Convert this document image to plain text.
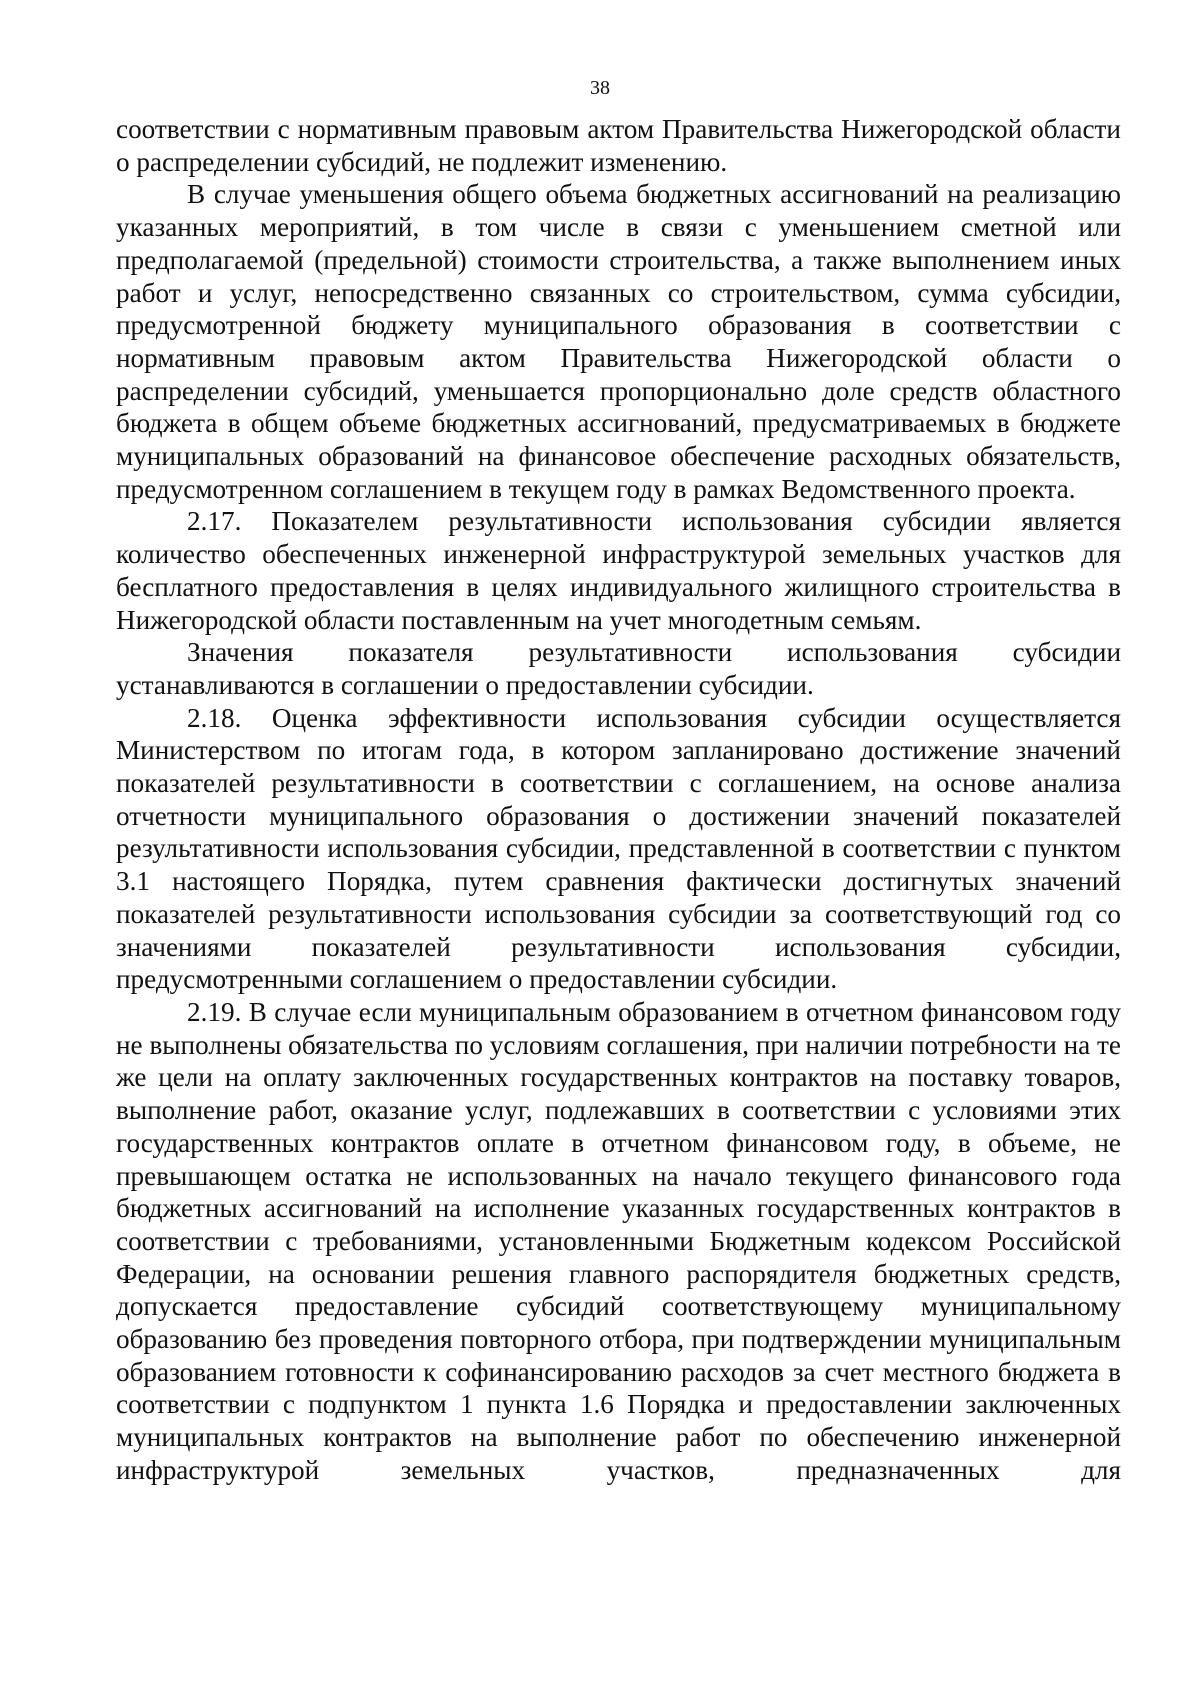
38

соответствии с нормативным правовым актом Правительства Нижегородской области о распределении субсидий, не подлежит изменению.

В случае уменьшения общего объема бюджетных ассигнований на реализацию указанных мероприятий, в том числе в связи с уменьшением сметной или предполагаемой (предельной) стоимости строительства, а также выполнением иных работ и услуг, непосредственно связанных со строительством, сумма субсидии, предусмотренной бюджету муниципального образования в соответствии с нормативным правовым актом Правительства Нижегородской области о распределении субсидий, уменьшается пропорционально доле средств областного бюджета в общем объеме бюджетных ассигнований, предусматриваемых в бюджете муниципальных образований на финансовое обеспечение расходных обязательств, предусмотренном соглашением в текущем году в рамках Ведомственного проекта.

2.17. Показателем результативности использования субсидии является количество обеспеченных инженерной инфраструктурой земельных участков для бесплатного предоставления в целях индивидуального жилищного строительства в Нижегородской области поставленным на учет многодетным семьям.

Значения показателя результативности использования субсидии устанавливаются в соглашении о предоставлении субсидии.

2.18. Оценка эффективности использования субсидии осуществляется Министерством по итогам года, в котором запланировано достижение значений показателей результативности в соответствии с соглашением, на основе анализа отчетности муниципального образования о достижении значений показателей результативности использования субсидии, представленной в соответствии с пунктом 3.1 настоящего Порядка, путем сравнения фактически достигнутых значений показателей результативности использования субсидии за соответствующий год со значениями показателей результативности использования субсидии, предусмотренными соглашением о предоставлении субсидии.

2.19. В случае если муниципальным образованием в отчетном финансовом году не выполнены обязательства по условиям соглашения, при наличии потребности на те же цели на оплату заключенных государственных контрактов на поставку товаров, выполнение работ, оказание услуг, подлежавших в соответствии с условиями этих государственных контрактов оплате в отчетном финансовом году, в объеме, не превышающем остатка не использованных на начало текущего финансового года бюджетных ассигнований на исполнение указанных государственных контрактов в соответствии с требованиями, установленными Бюджетным кодексом Российской Федерации, на основании решения главного распорядителя бюджетных средств, допускается предоставление субсидий соответствующему муниципальному образованию без проведения повторного отбора, при подтверждении муниципальным образованием готовности к софинансированию расходов за счет местного бюджета в соответствии с подпунктом 1 пункта 1.6 Порядка и предоставлении заключенных муниципальных контрактов на выполнение работ по обеспечению инженерной инфраструктурой земельных участков, предназначенных для
